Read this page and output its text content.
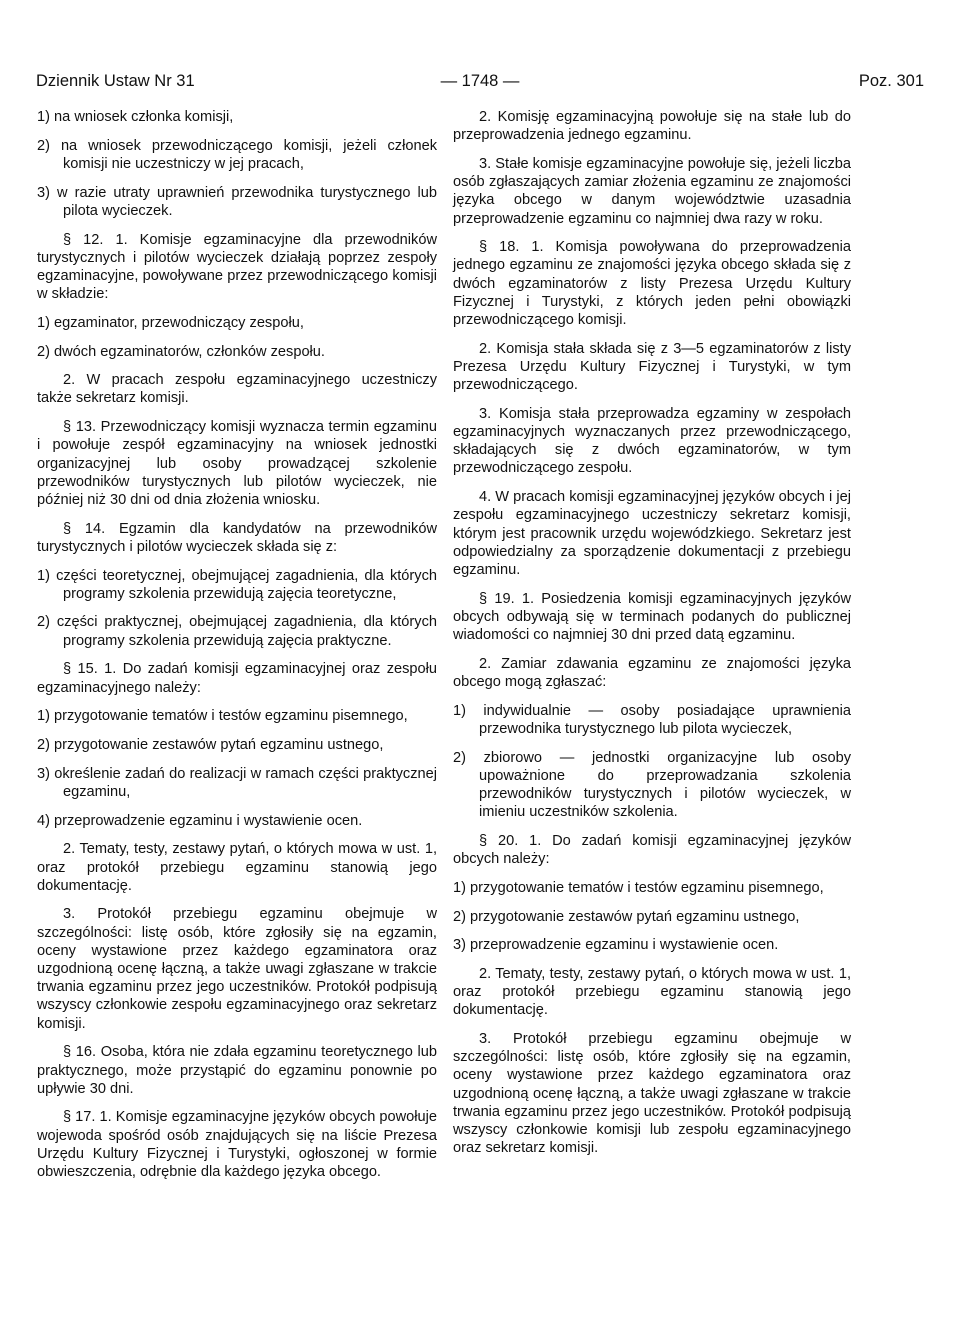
Dziennik Ustaw Nr 31	— 1748 —	Poz. 301

1) na wniosek członka komisji,

2) na wniosek przewodniczącego komisji, jeżeli członek komisji nie uczestniczy w jej pracach,

3) w razie utraty uprawnień przewodnika turystycznego lub pilota wycieczek.

§ 12. 1. Komisje egzaminacyjne dla przewodników turystycznych i pilotów wycieczek działają poprzez zespoły egzaminacyjne, powoływane przez przewodniczącego komisji w składzie:

1) egzaminator, przewodniczący zespołu,

2) dwóch egzaminatorów, członków zespołu.

2. W pracach zespołu egzaminacyjnego uczestniczy także sekretarz komisji.

§ 13. Przewodniczący komisji wyznacza termin egzaminu i powołuje zespół egzaminacyjny na wniosek jednostki organizacyjnej lub osoby prowadzącej szkolenie przewodników turystycznych lub pilotów wycieczek, nie później niż 30 dni od dnia złożenia wniosku.

§ 14. Egzamin dla kandydatów na przewodników turystycznych i pilotów wycieczek składa się z:

1) części teoretycznej, obejmującej zagadnienia, dla których programy szkolenia przewidują zajęcia teoretyczne,

2) części praktycznej, obejmującej zagadnienia, dla których programy szkolenia przewidują zajęcia praktyczne.

§ 15. 1. Do zadań komisji egzaminacyjnej oraz zespołu egzaminacyjnego należy:

1) przygotowanie tematów i testów egzaminu pisemnego,

2) przygotowanie zestawów pytań egzaminu ustnego,

3) określenie zadań do realizacji w ramach części praktycznej egzaminu,

4) przeprowadzenie egzaminu i wystawienie ocen.

2. Tematy, testy, zestawy pytań, o których mowa w ust. 1, oraz protokół przebiegu egzaminu stanowią jego dokumentację.

3. Protokół przebiegu egzaminu obejmuje w szczególności: listę osób, które zgłosiły się na egzamin, oceny wystawione przez każdego egzaminatora oraz uzgodnioną ocenę łączną, a także uwagi zgłaszane w trakcie trwania egzaminu przez jego uczestników. Protokół podpisują wszyscy członkowie zespołu egzaminacyjnego oraz sekretarz komisji.

§ 16. Osoba, która nie zdała egzaminu teoretycznego lub praktycznego, może przystąpić do egzaminu ponownie po upływie 30 dni.

§ 17. 1. Komisje egzaminacyjne języków obcych powołuje wojewoda spośród osób znajdujących się na liście Prezesa Urzędu Kultury Fizycznej i Turystyki, ogłoszonej w formie obwieszczenia, odrębnie dla każdego języka obcego.

2. Komisję egzaminacyjną powołuje się na stałe lub do przeprowadzenia jednego egzaminu.

3. Stałe komisje egzaminacyjne powołuje się, jeżeli liczba osób zgłaszających zamiar złożenia egzaminu ze znajomości języka obcego w danym województwie uzasadnia przeprowadzenie egzaminu co najmniej dwa razy w roku.

§ 18. 1. Komisja powoływana do przeprowadzenia jednego egzaminu ze znajomości języka obcego składa się z dwóch egzaminatorów z listy Prezesa Urzędu Kultury Fizycznej i Turystyki, z których jeden pełni obowiązki przewodniczącego komisji.

2. Komisja stała składa się z 3—5 egzaminatorów z listy Prezesa Urzędu Kultury Fizycznej i Turystyki, w tym przewodniczącego.

3. Komisja stała przeprowadza egzaminy w zespołach egzaminacyjnych wyznaczanych przez przewodniczącego, składających się z dwóch egzaminatorów, w tym przewodniczącego zespołu.

4. W pracach komisji egzaminacyjnej języków obcych i jej zespołu egzaminacyjnego uczestniczy sekretarz komisji, którym jest pracownik urzędu wojewódzkiego. Sekretarz jest odpowiedzialny za sporządzenie dokumentacji z przebiegu egzaminu.

§ 19. 1. Posiedzenia komisji egzaminacyjnych języków obcych odbywają się w terminach podanych do publicznej wiadomości co najmniej 30 dni przed datą egzaminu.

2. Zamiar zdawania egzaminu ze znajomości języka obcego mogą zgłaszać:

1) indywidualnie — osoby posiadające uprawnienia przewodnika turystycznego lub pilota wycieczek,

2) zbiorowo — jednostki organizacyjne lub osoby upoważnione do przeprowadzania szkolenia przewodników turystycznych i pilotów wycieczek, w imieniu uczestników szkolenia.

§ 20. 1. Do zadań komisji egzaminacyjnej języków obcych należy:

1) przygotowanie tematów i testów egzaminu pisemnego,

2) przygotowanie zestawów pytań egzaminu ustnego,

3) przeprowadzenie egzaminu i wystawienie ocen.

2. Tematy, testy, zestawy pytań, o których mowa w ust. 1, oraz protokół przebiegu egzaminu stanowią jego dokumentację.

3. Protokół przebiegu egzaminu obejmuje w szczególności: listę osób, które zgłosiły się na egzamin, oceny wystawione przez każdego egzaminatora oraz uzgodnioną ocenę łączną, a także uwagi zgłaszane w trakcie trwania egzaminu przez jego uczestników. Protokół podpisują wszyscy członkowie komisji lub zespołu egzaminacyjnego oraz sekretarz komisji.
